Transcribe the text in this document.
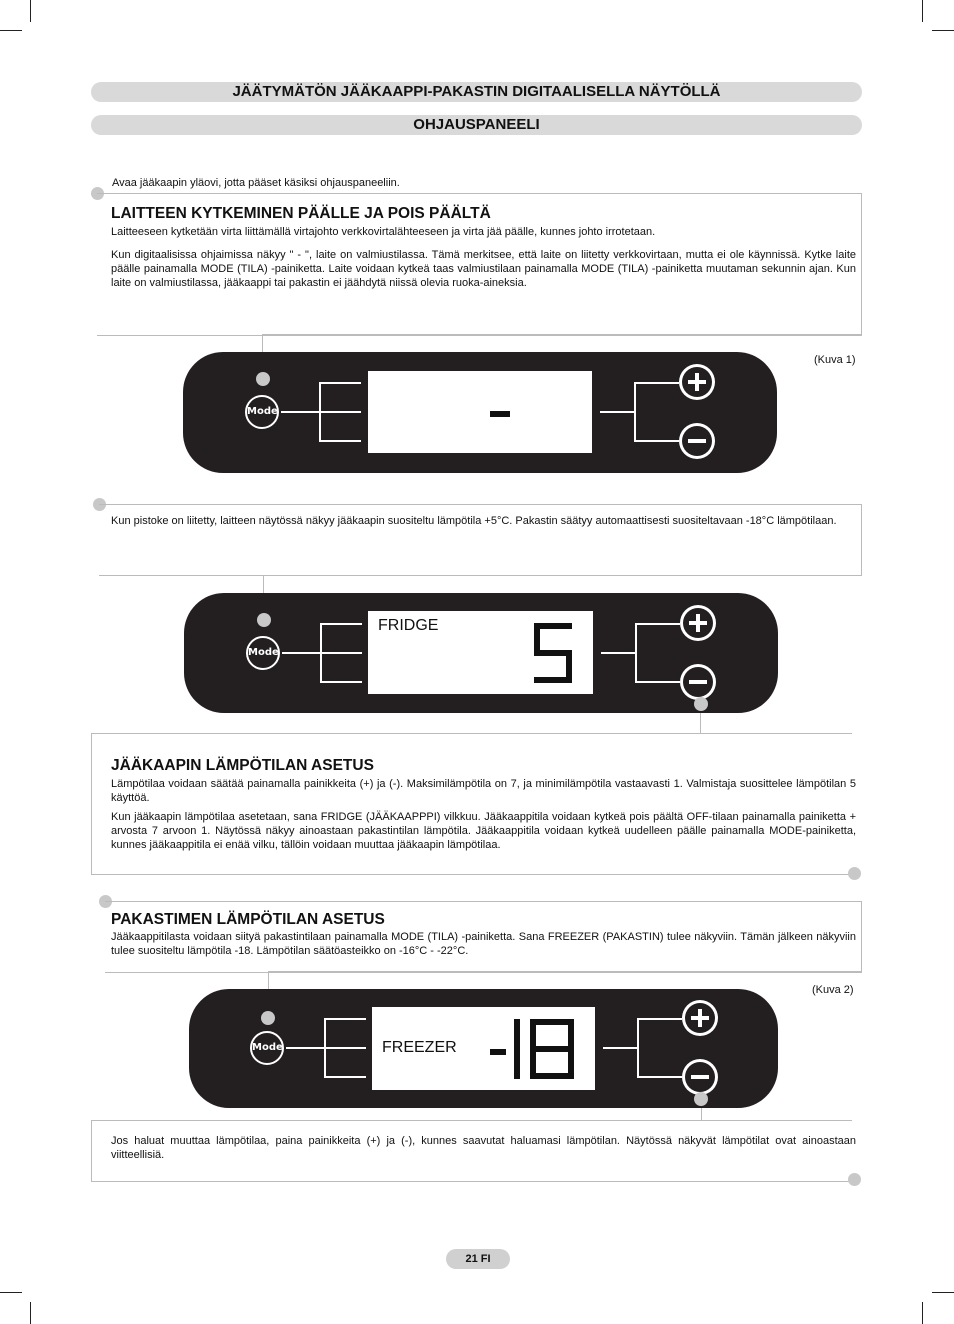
JÄÄTYMÄTÖN JÄÄKAAPPI-PAKASTIN DIGITAALISELLA NÄYTÖLLÄ
OHJAUSPANEELI
Avaa jääkaapin yläovi, jotta pääset käsiksi ohjauspaneeliin.
LAITTEEN KYTKEMINEN PÄÄLLE JA POIS PÄÄLTÄ
Laitteeseen kytketään virta liittämällä virtajohto verkkovirtalähteeseen ja virta jää päälle, kunnes johto irrotetaan.
Kun digitaalisissa ohjaimissa näkyy " - ", laite on valmiustilassa. Tämä merkitsee, että laite on liitetty verkkovirtaan, mutta ei ole käynnissä. Kytke laite päälle painamalla MODE (TILA) -painiketta. Laite voidaan kytkeä taas valmiustilaan painamalla MODE (TILA) -painiketta muutaman sekunnin ajan. Kun laite on valmiustilassa, jääkaappi tai pakastin ei jäähdytä niissä olevia ruoka-aineksia.
(Kuva 1)
Mode
Kun pistoke on liitetty, laitteen näytössä näkyy jääkaapin suositeltu lämpötila +5°C. Pakastin säätyy automaattisesti suositeltavaan -18°C lämpötilaan.
Mode
FRIDGE
JÄÄKAAPIN LÄMPÖTILAN ASETUS
Lämpötilaa voidaan säätää painamalla painikkeita (+) ja (-). Maksimilämpötila on 7, ja minimilämpötila vastaavasti 1. Valmistaja suosittelee lämpötilan 5 käyttöä.
Kun jääkaapin lämpötilaa asetetaan, sana FRIDGE (JÄÄKAAPPPI) vilkkuu. Jääkaappitila voidaan kytkeä pois päältä OFF-tilaan painamalla painiketta + arvosta 7 arvoon 1. Näytössä näkyy ainoastaan pakastintilan lämpötila. Jääkaappitila voidaan kytkeä uudelleen päälle painamalla MODE-painiketta, kunnes jääkaappitila ei enää vilku, tällöin voidaan muuttaa jääkaapin lämpötilaa.
PAKASTIMEN LÄMPÖTILAN ASETUS
Jääkaappitilasta voidaan siityä pakastintilaan painamalla MODE (TILA) -painiketta. Sana FREEZER (PAKASTIN) tulee näkyviin. Tämän jälkeen näkyviin tulee suositeltu lämpötila -18. Lämpötilan säätöasteikko on -16°C - -22°C.
(Kuva 2)
Mode	FREEZER
Jos haluat muuttaa lämpötilaa, paina painikkeita (+) ja (-), kunnes saavutat haluamasi lämpötilan. Näytössä näkyvät lämpötilat ovat ainoastaan viitteellisiä.
21 FI
